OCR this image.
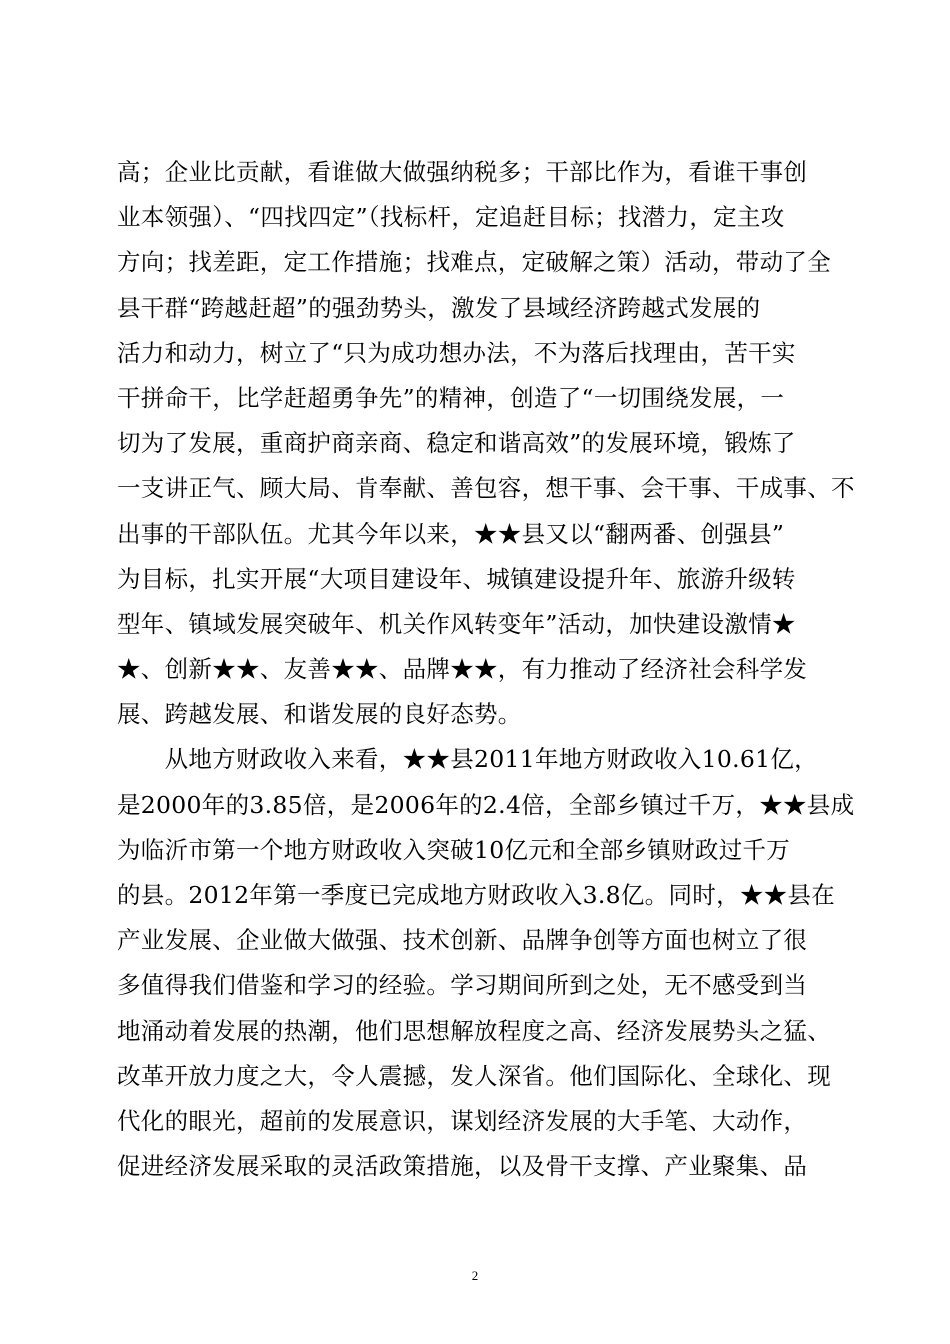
高；企业比贡献，看谁做大做强纳税多；干部比作为，看谁干事创
业本领强）、“四找四定”（找标杆，定追赶目标；找潜力，定主攻
方向；找差距，定工作措施；找难点，定破解之策）活动，带动了全
县干群“跨越赶超”的强劲势头，激发了县域经济跨越式发展的
活力和动力，树立了“只为成功想办法，不为落后找理由，苦干实
干拼命干，比学赶超勇争先”的精神，创造了“一切围绕发展，一
切为了发展，重商护商亲商、稳定和谐高效”的发展环境，锻炼了
一支讲正气、顾大局、肯奉献、善包容，想干事、会干事、干成事、不
出事的干部队伍。尤其今年以来，★★县又以“翻两番、创强县”
为目标，扎实开展“大项目建设年、城镇建设提升年、旅游升级转
型年、镇域发展突破年、机关作风转变年”活动，加快建设激情★
★、创新★★、友善★★、品牌★★，有力推动了经济社会科学发
展、跨越发展、和谐发展的良好态势。
　　从地方财政收入来看，★★县2011年地方财政收入10.61亿，
是2000年的3.85倍，是2006年的2.4倍，全部乡镇过千万，★★县成
为临沂市第一个地方财政收入突破10亿元和全部乡镇财政过千万
的县。2012年第一季度已完成地方财政收入3.8亿。同时，★★县在
产业发展、企业做大做强、技术创新、品牌争创等方面也树立了很
多值得我们借鉴和学习的经验。学习期间所到之处，无不感受到当
地涌动着发展的热潮，他们思想解放程度之高、经济发展势头之猛、
改革开放力度之大，令人震撼，发人深省。他们国际化、全球化、现
代化的眼光，超前的发展意识，谋划经济发展的大手笔、大动作，
促进经济发展采取的灵活政策措施，以及骨干支撑、产业聚集、品
2
